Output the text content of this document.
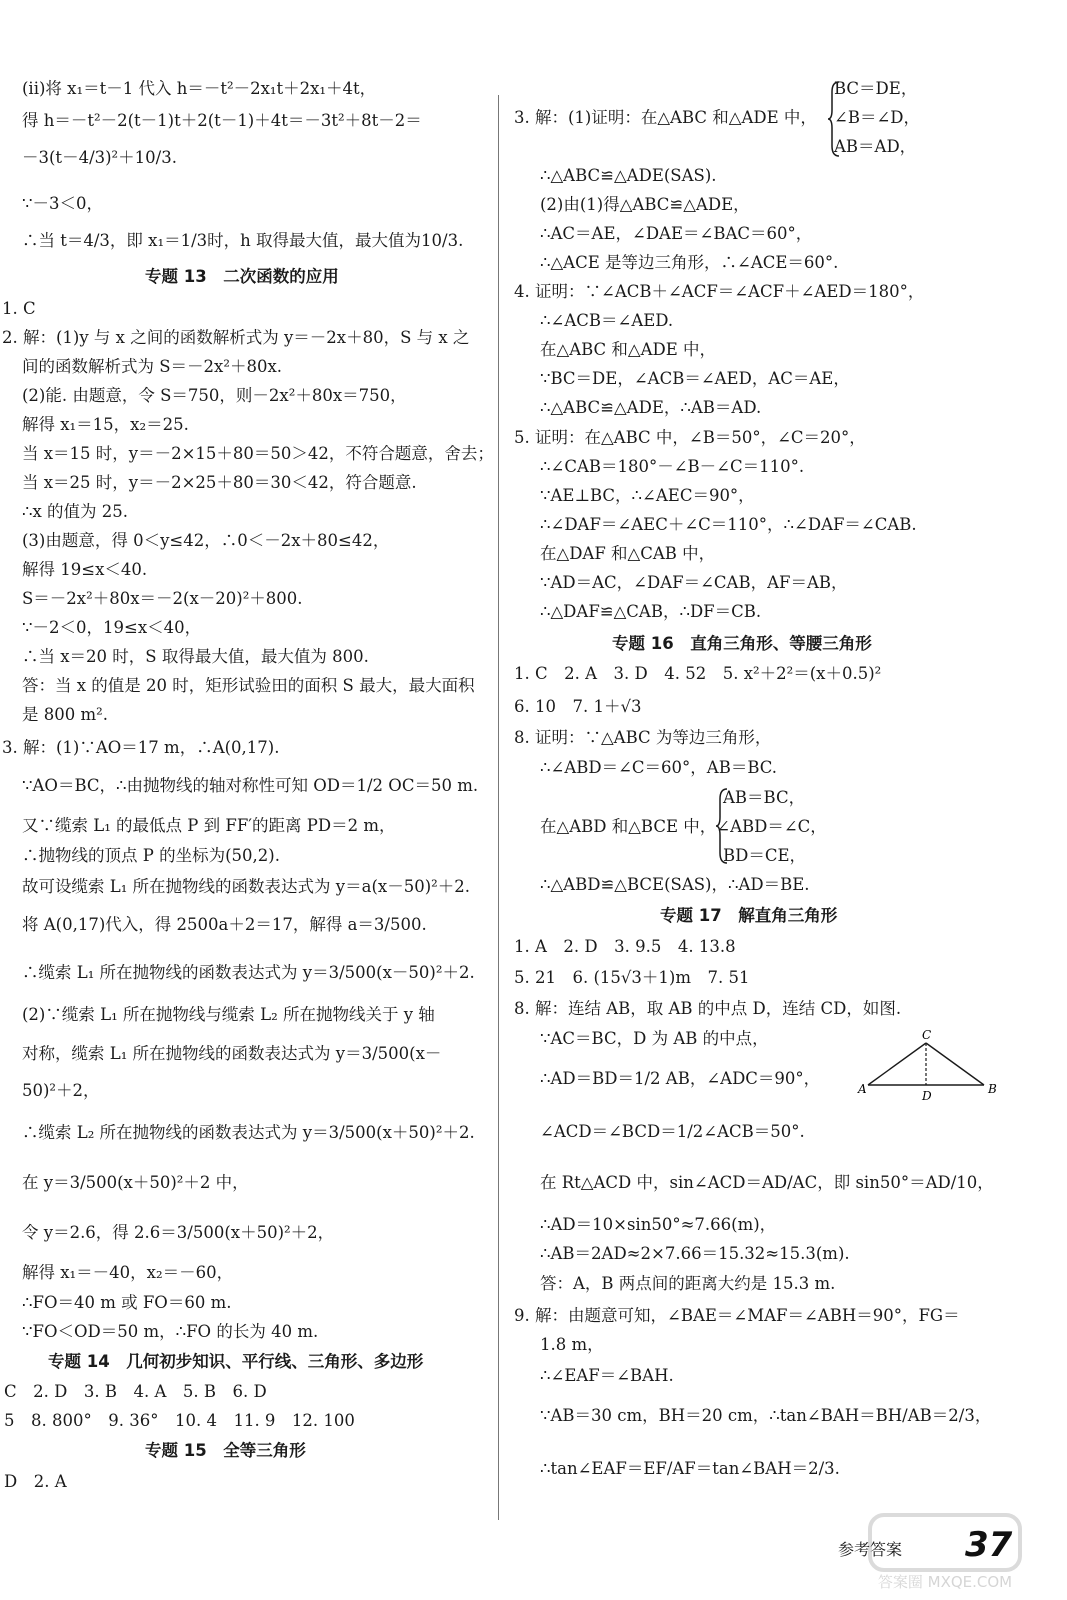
(ii)将 x₁＝t－1 代入 h＝－t²－2x₁t＋2x₁＋4t，
得 h＝－t²－2(t－1)t＋2(t－1)＋4t＝－3t²＋8t－2＝
－3(t－4/3)²＋10/3.
∵－3＜0，
∴当 t＝4/3，即 x₁＝1/3时，h 取得最大值，最大值为10/3.
专题 13　二次函数的应用
1. C
2. 解：(1)y 与 x 之间的函数解析式为 y＝－2x＋80，S 与 x 之
间的函数解析式为 S＝－2x²＋80x.
(2)能. 由题意，令 S＝750，则－2x²＋80x＝750，
解得 x₁＝15，x₂＝25.
当 x＝15 时，y＝－2×15＋80＝50＞42，不符合题意，舍去；
当 x＝25 时，y＝－2×25＋80＝30＜42，符合题意.
∴x 的值为 25.
(3)由题意，得 0＜y≤42，∴0＜－2x＋80≤42，
解得 19≤x＜40.
S＝－2x²＋80x＝－2(x－20)²＋800.
∵－2＜0，19≤x＜40，
∴当 x＝20 时，S 取得最大值，最大值为 800.
答：当 x 的值是 20 时，矩形试验田的面积 S 最大，最大面积
是 800 m².
3. 解：(1)∵AO＝17 m，∴A(0,17).
∵AO＝BC，∴由抛物线的轴对称性可知 OD＝1/2 OC＝50 m.
又∵缆索 L₁ 的最低点 P 到 FF′的距离 PD＝2 m，
∴抛物线的顶点 P 的坐标为(50,2).
故可设缆索 L₁ 所在抛物线的函数表达式为 y＝a(x－50)²＋2.
将 A(0,17)代入，得 2500a＋2＝17，解得 a＝3/500.
∴缆索 L₁ 所在抛物线的函数表达式为 y＝3/500(x－50)²＋2.
(2)∵缆索 L₁ 所在抛物线与缆索 L₂ 所在抛物线关于 y 轴
对称，缆索 L₁ 所在抛物线的函数表达式为 y＝3/500(x－
50)²＋2，
∴缆索 L₂ 所在抛物线的函数表达式为 y＝3/500(x＋50)²＋2.
在 y＝3/500(x＋50)²＋2 中，
令 y＝2.6，得 2.6＝3/500(x＋50)²＋2，
解得 x₁＝－40，x₂＝－60，
∴FO＝40 m 或 FO＝60 m.
∵FO＜OD＝50 m，∴FO 的长为 40 m.
专题 14　几何初步知识、平行线、三角形、多边形
C　2. D　3. B　4. A　5. B　6. D
5　8. 800°　9. 36°　10. 4　11. 9　12. 100
专题 15　全等三角形
D　2. A
BC＝DE，
3. 解：(1)证明：在△ABC 和△ADE 中， ∠B＝∠D，
AB＝AD，
∴△ABC≌△ADE(SAS).
(2)由(1)得△ABC≌△ADE，
∴AC＝AE，∠DAE＝∠BAC＝60°，
∴△ACE 是等边三角形，∴∠ACE＝60°.
4. 证明：∵∠ACB＋∠ACF＝∠ACF＋∠AED＝180°，
∴∠ACB＝∠AED.
在△ABC 和△ADE 中，
∵BC＝DE，∠ACB＝∠AED，AC＝AE，
∴△ABC≌△ADE，∴AB＝AD.
5. 证明：在△ABC 中，∠B＝50°，∠C＝20°，
∴∠CAB＝180°－∠B－∠C＝110°.
∵AE⊥BC，∴∠AEC＝90°，
∴∠DAF＝∠AEC＋∠C＝110°，∴∠DAF＝∠CAB.
在△DAF 和△CAB 中，
∵AD＝AC，∠DAF＝∠CAB，AF＝AB，
∴△DAF≌△CAB，∴DF＝CB.
专题 16　直角三角形、等腰三角形
1. C　2. A　3. D　4. 52　5. x²＋2²＝(x＋0.5)²
6. 10　7. 1＋√3
8. 证明：∵△ABC 为等边三角形，
∴∠ABD＝∠C＝60°，AB＝BC.
AB＝BC，
在△ABD 和△BCE 中，∠ABD＝∠C，
BD＝CE，
∴△ABD≌△BCE(SAS)，∴AD＝BE.
专题 17　解直角三角形
1. A　2. D　3. 9.5　4. 13.8
5. 21　6. (15√3＋1)m　7. 51
8. 解：连结 AB，取 AB 的中点 D，连结 CD，如图.
∵AC＝BC，D 为 AB 的中点，
∴AD＝BD＝1/2 AB，∠ADC＝90°，
∠ACD＝∠BCD＝1/2∠ACB＝50°.
在 Rt△ACD 中，sin∠ACD＝AD/AC，即 sin50°＝AD/10，
∴AD＝10×sin50°≈7.66(m)，
∴AB＝2AD≈2×7.66＝15.32≈15.3(m).
答：A，B 两点间的距离大约是 15.3 m.
9. 解：由题意可知，∠BAE＝∠MAF＝∠ABH＝90°，FG＝
1.8 m，
∴∠EAF＝∠BAH.
∵AB＝30 cm，BH＝20 cm，∴tan∠BAH＝BH/AB＝2/3，
∴tan∠EAF＝EF/AF＝tan∠BAH＝2/3.
C
A	D	B
答案圈 MXQE.COM
参考答案 37
